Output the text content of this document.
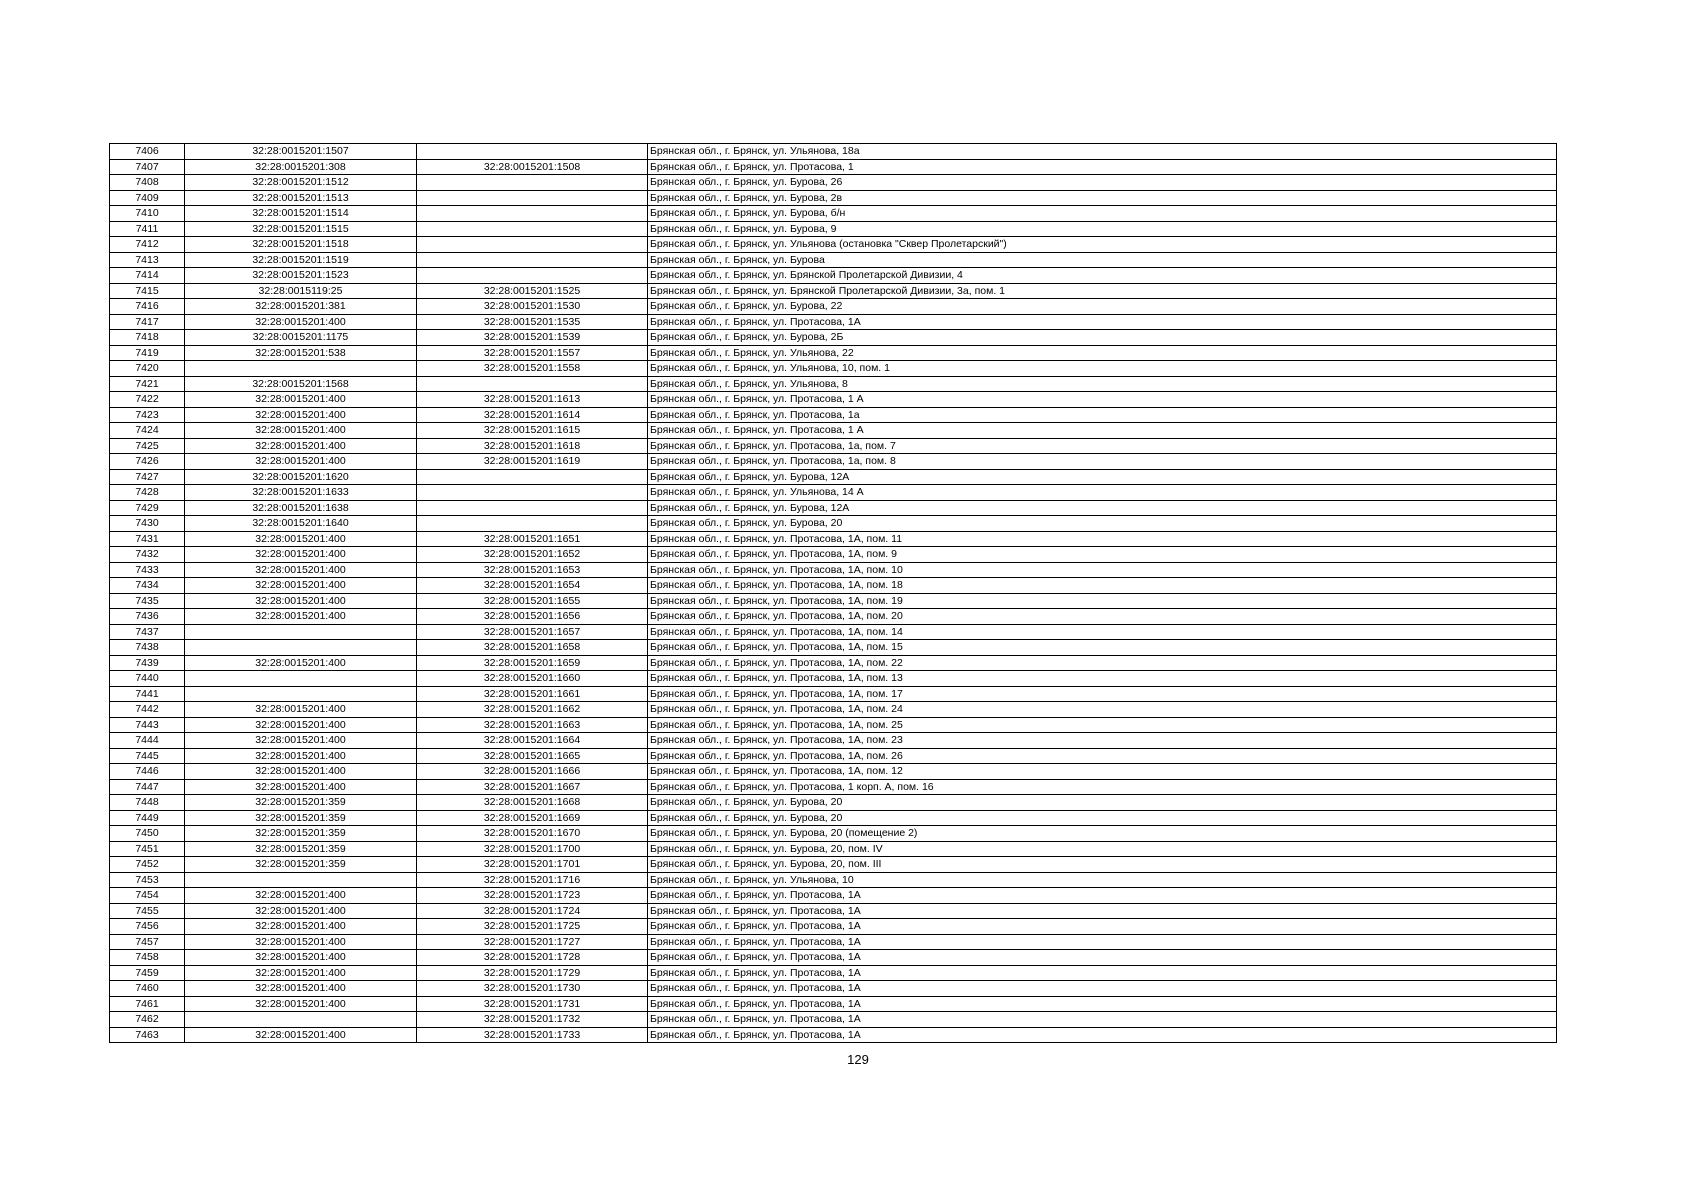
7406	32:28:0015201:1507		Брянская обл., г. Брянск, ул. Ульянова, 18а
7407	32:28:0015201:308	32:28:0015201:1508	Брянская обл., г. Брянск, ул. Протасова, 1
7408	32:28:0015201:1512		Брянская обл., г. Брянск, ул. Бурова, 26
7409	32:28:0015201:1513		Брянская обл., г. Брянск, ул. Бурова, 2в
7410	32:28:0015201:1514		Брянская обл., г. Брянск, ул. Бурова, б/н
7411	32:28:0015201:1515		Брянская обл., г. Брянск, ул. Бурова, 9
7412	32:28:0015201:1518		Брянская обл., г. Брянск, ул. Ульянова (остановка "Сквер Пролетарский")
7413	32:28:0015201:1519		Брянская обл., г. Брянск, ул. Бурова
7414	32:28:0015201:1523		Брянская обл., г. Брянск, ул. Брянской Пролетарской Дивизии, 4
7415	32:28:0015119:25	32:28:0015201:1525	Брянская обл., г. Брянск, ул. Брянской Пролетарской Дивизии, 3а, пом. 1
7416	32:28:0015201:381	32:28:0015201:1530	Брянская обл., г. Брянск, ул. Бурова, 22
7417	32:28:0015201:400	32:28:0015201:1535	Брянская обл., г. Брянск, ул. Протасова, 1А
7418	32:28:0015201:1175	32:28:0015201:1539	Брянская обл., г. Брянск, ул. Бурова, 2Б
7419	32:28:0015201:538	32:28:0015201:1557	Брянская обл., г. Брянск, ул. Ульянова, 22
7420		32:28:0015201:1558	Брянская обл., г. Брянск, ул. Ульянова, 10, пом. 1
7421	32:28:0015201:1568		Брянская обл., г. Брянск, ул. Ульянова, 8
7422	32:28:0015201:400	32:28:0015201:1613	Брянская обл., г. Брянск, ул. Протасова, 1 А
7423	32:28:0015201:400	32:28:0015201:1614	Брянская обл., г. Брянск, ул. Протасова, 1а
7424	32:28:0015201:400	32:28:0015201:1615	Брянская обл., г. Брянск, ул. Протасова, 1 А
7425	32:28:0015201:400	32:28:0015201:1618	Брянская обл., г. Брянск, ул. Протасова, 1а, пом. 7
7426	32:28:0015201:400	32:28:0015201:1619	Брянская обл., г. Брянск, ул. Протасова, 1а, пом. 8
7427	32:28:0015201:1620		Брянская обл., г. Брянск, ул. Бурова, 12А
7428	32:28:0015201:1633		Брянская обл., г. Брянск, ул. Ульянова, 14 А
7429	32:28:0015201:1638		Брянская обл., г. Брянск, ул. Бурова, 12А
7430	32:28:0015201:1640		Брянская обл., г. Брянск, ул. Бурова, 20
7431	32:28:0015201:400	32:28:0015201:1651	Брянская обл., г. Брянск, ул. Протасова, 1А, пом. 11
7432	32:28:0015201:400	32:28:0015201:1652	Брянская обл., г. Брянск, ул. Протасова, 1А, пом. 9
7433	32:28:0015201:400	32:28:0015201:1653	Брянская обл., г. Брянск, ул. Протасова, 1А, пом. 10
7434	32:28:0015201:400	32:28:0015201:1654	Брянская обл., г. Брянск, ул. Протасова, 1А, пом. 18
7435	32:28:0015201:400	32:28:0015201:1655	Брянская обл., г. Брянск, ул. Протасова, 1А, пом. 19
7436	32:28:0015201:400	32:28:0015201:1656	Брянская обл., г. Брянск, ул. Протасова, 1А, пом. 20
7437		32:28:0015201:1657	Брянская обл., г. Брянск, ул. Протасова, 1А, пом. 14
7438		32:28:0015201:1658	Брянская обл., г. Брянск, ул. Протасова, 1А, пом. 15
7439	32:28:0015201:400	32:28:0015201:1659	Брянская обл., г. Брянск, ул. Протасова, 1А, пом. 22
7440		32:28:0015201:1660	Брянская обл., г. Брянск, ул. Протасова, 1А, пом. 13
7441		32:28:0015201:1661	Брянская обл., г. Брянск, ул. Протасова, 1А, пом. 17
7442	32:28:0015201:400	32:28:0015201:1662	Брянская обл., г. Брянск, ул. Протасова, 1А, пом. 24
7443	32:28:0015201:400	32:28:0015201:1663	Брянская обл., г. Брянск, ул. Протасова, 1А, пом. 25
7444	32:28:0015201:400	32:28:0015201:1664	Брянская обл., г. Брянск, ул. Протасова, 1А, пом. 23
7445	32:28:0015201:400	32:28:0015201:1665	Брянская обл., г. Брянск, ул. Протасова, 1А, пом. 26
7446	32:28:0015201:400	32:28:0015201:1666	Брянская обл., г. Брянск, ул. Протасова, 1А, пом. 12
7447	32:28:0015201:400	32:28:0015201:1667	Брянская обл., г. Брянск, ул. Протасова, 1 корп. А, пом. 16
7448	32:28:0015201:359	32:28:0015201:1668	Брянская обл., г. Брянск, ул. Бурова, 20
7449	32:28:0015201:359	32:28:0015201:1669	Брянская обл., г. Брянск, ул. Бурова, 20
7450	32:28:0015201:359	32:28:0015201:1670	Брянская обл., г. Брянск, ул. Бурова, 20 (помещение 2)
7451	32:28:0015201:359	32:28:0015201:1700	Брянская обл., г. Брянск, ул. Бурова, 20, пом. IV
7452	32:28:0015201:359	32:28:0015201:1701	Брянская обл., г. Брянск, ул. Бурова, 20, пом. III
7453		32:28:0015201:1716	Брянская обл., г. Брянск, ул. Ульянова, 10
7454	32:28:0015201:400	32:28:0015201:1723	Брянская обл., г. Брянск, ул. Протасова, 1А
7455	32:28:0015201:400	32:28:0015201:1724	Брянская обл., г. Брянск, ул. Протасова, 1А
7456	32:28:0015201:400	32:28:0015201:1725	Брянская обл., г. Брянск, ул. Протасова, 1А
7457	32:28:0015201:400	32:28:0015201:1727	Брянская обл., г. Брянск, ул. Протасова, 1А
7458	32:28:0015201:400	32:28:0015201:1728	Брянская обл., г. Брянск, ул. Протасова, 1А
7459	32:28:0015201:400	32:28:0015201:1729	Брянская обл., г. Брянск, ул. Протасова, 1А
7460	32:28:0015201:400	32:28:0015201:1730	Брянская обл., г. Брянск, ул. Протасова, 1А
7461	32:28:0015201:400	32:28:0015201:1731	Брянская обл., г. Брянск, ул. Протасова, 1А
7462		32:28:0015201:1732	Брянская обл., г. Брянск, ул. Протасова, 1А
7463	32:28:0015201:400	32:28:0015201:1733	Брянская обл., г. Брянск, ул. Протасова, 1А
129
